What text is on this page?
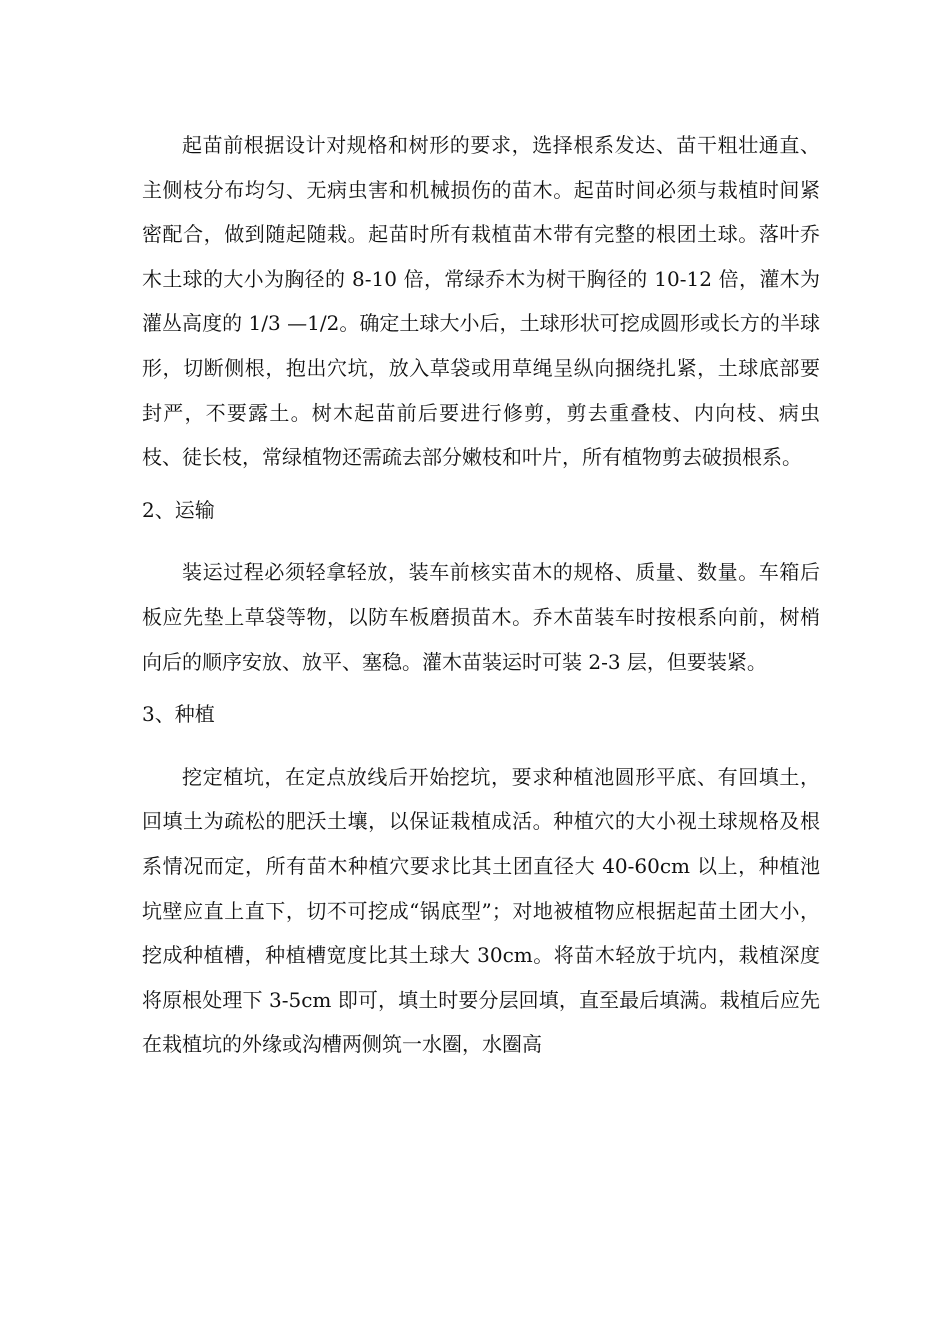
起苗前根据设计对规格和树形的要求，选择根系发达、苗干粗壮通直、主侧枝分布均匀、无病虫害和机械损伤的苗木。起苗时间必须与栽植时间紧密配合，做到随起随栽。起苗时所有栽植苗木带有完整的根团土球。落叶乔木土球的大小为胸径的 8-10 倍，常绿乔木为树干胸径的 10-12 倍，灌木为灌丛高度的 1/3 —1/2。确定土球大小后，土球形状可挖成圆形或长方的半球形，切断侧根，抱出穴坑，放入草袋或用草绳呈纵向捆绕扎紧，土球底部要封严，不要露土。树木起苗前后要进行修剪，剪去重叠枝、内向枝、病虫枝、徒长枝，常绿植物还需疏去部分嫩枝和叶片，所有植物剪去破损根系。

2、运输

装运过程必须轻拿轻放，装车前核实苗木的规格、质量、数量。车箱后板应先垫上草袋等物，以防车板磨损苗木。乔木苗装车时按根系向前，树梢向后的顺序安放、放平、塞稳。灌木苗装运时可装 2-3 层，但要装紧。

3、种植

挖定植坑，在定点放线后开始挖坑，要求种植池圆形平底、有回填土，回填土为疏松的肥沃土壤，以保证栽植成活。种植穴的大小视土球规格及根系情况而定，所有苗木种植穴要求比其土团直径大 40-60cm 以上，种植池坑壁应直上直下，切不可挖成“锅底型”；对地被植物应根据起苗土团大小，挖成种植槽，种植槽宽度比其土球大 30cm。将苗木轻放于坑内，栽植深度将原根处理下 3-5cm 即可，填土时要分层回填，直至最后填满。栽植后应先在栽植坑的外缘或沟槽两侧筑一水圈，水圈高
